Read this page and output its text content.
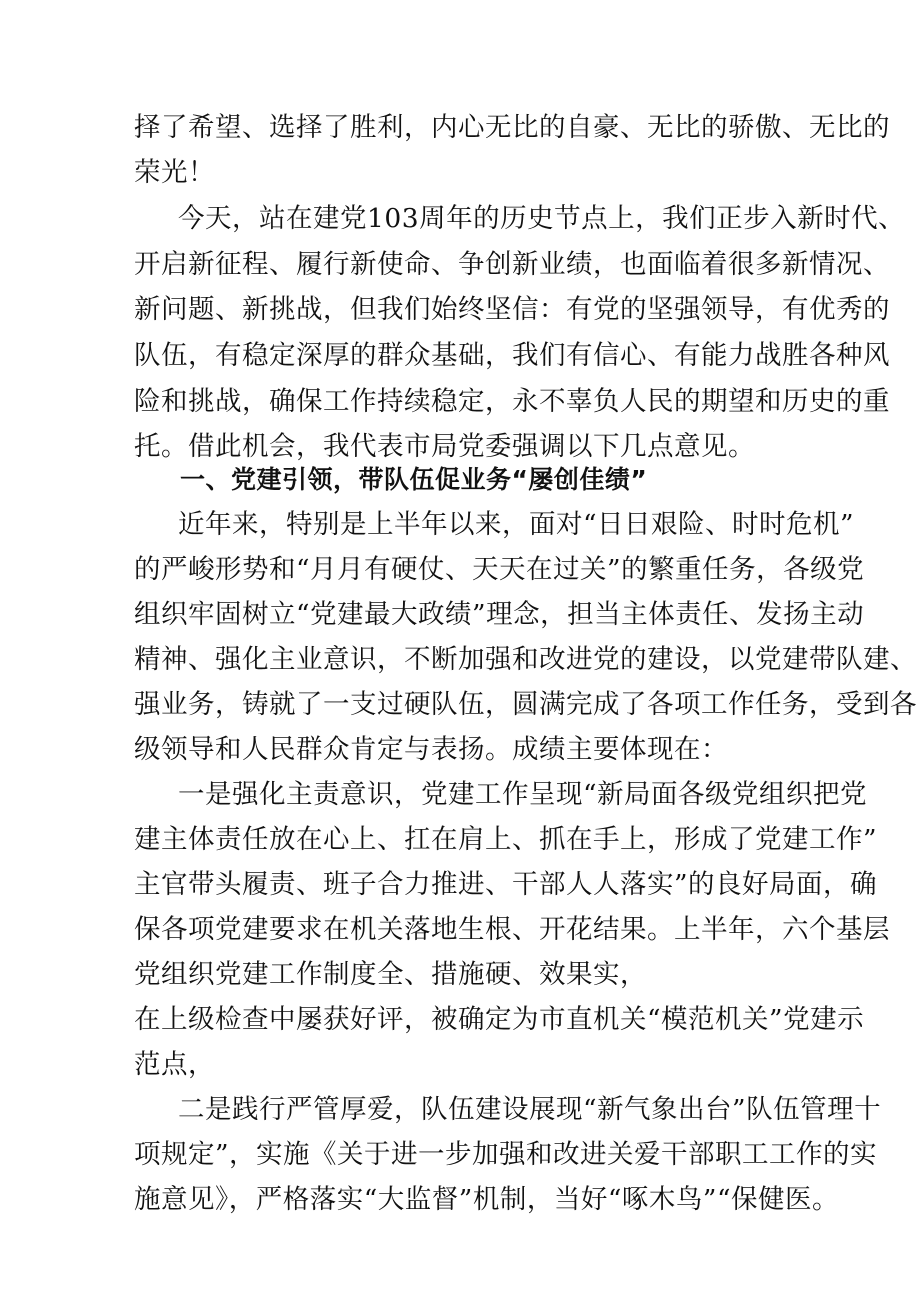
择了希望、选择了胜利，内心无比的自豪、无比的骄傲、无比的
荣光！
今天，站在建党103周年的历史节点上，我们正步入新时代、
开启新征程、履行新使命、争创新业绩，也面临着很多新情况、
新问题、新挑战，但我们始终坚信：有党的坚强领导，有优秀的
队伍，有稳定深厚的群众基础，我们有信心、有能力战胜各种风
险和挑战，确保工作持续稳定，永不辜负人民的期望和历史的重
托。借此机会，我代表市局党委强调以下几点意见。
一、党建引领，带队伍促业务“屡创佳绩”
近年来，特别是上半年以来，面对“日日艰险、时时危机”
的严峻形势和“月月有硬仗、天天在过关”的繁重任务，各级党
组织牢固树立“党建最大政绩”理念，担当主体责任、发扬主动
精神、强化主业意识，不断加强和改进党的建设，以党建带队建、
强业务，铸就了一支过硬队伍，圆满完成了各项工作任务，受到各
级领导和人民群众肯定与表扬。成绩主要体现在：
一是强化主责意识，党建工作呈现“新局面各级党组织把党
建主体责任放在心上、扛在肩上、抓在手上，形成了党建工作”
主官带头履责、班子合力推进、干部人人落实”的良好局面，确
保各项党建要求在机关落地生根、开花结果。上半年，六个基层
党组织党建工作制度全、措施硬、效果实，
在上级检查中屡获好评，被确定为市直机关“模范机关”党建示
范点，
二是践行严管厚爱，队伍建设展现“新气象出台”队伍管理十
项规定”，实施《关于进一步加强和改进关爱干部职工工作的实
施意见》，严格落实“大监督”机制，当好“啄木鸟”“保健医。
